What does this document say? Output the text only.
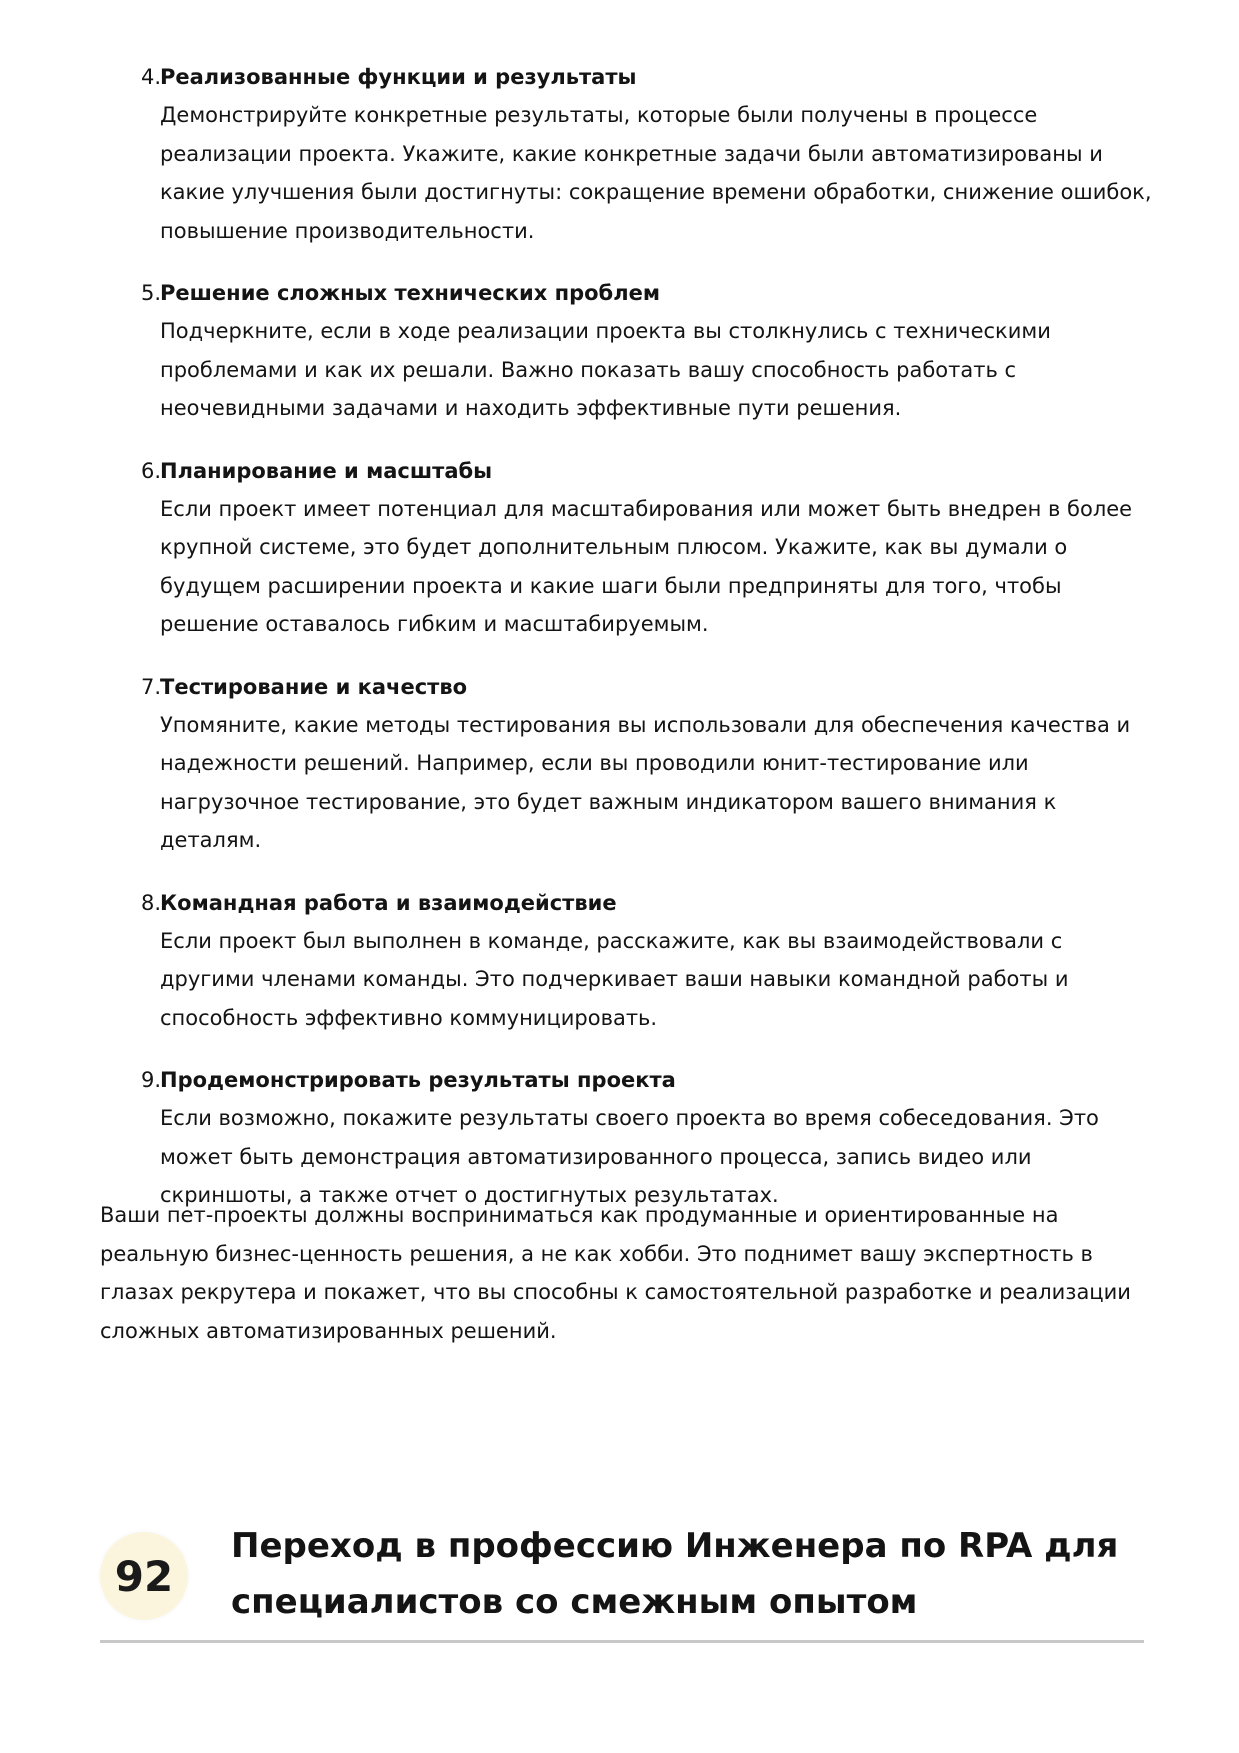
4. Реализованные функции и результаты
Демонстрируйте конкретные результаты, которые были получены в процессе реализации проекта. Укажите, какие конкретные задачи были автоматизированы и какие улучшения были достигнуты: сокращение времени обработки, снижение ошибок, повышение производительности.
5. Решение сложных технических проблем
Подчеркните, если в ходе реализации проекта вы столкнулись с техническими проблемами и как их решали. Важно показать вашу способность работать с неочевидными задачами и находить эффективные пути решения.
6. Планирование и масштабы
Если проект имеет потенциал для масштабирования или может быть внедрен в более крупной системе, это будет дополнительным плюсом. Укажите, как вы думали о будущем расширении проекта и какие шаги были предприняты для того, чтобы решение оставалось гибким и масштабируемым.
7. Тестирование и качество
Упомяните, какие методы тестирования вы использовали для обеспечения качества и надежности решений. Например, если вы проводили юнит-тестирование или нагрузочное тестирование, это будет важным индикатором вашего внимания к деталям.
8. Командная работа и взаимодействие
Если проект был выполнен в команде, расскажите, как вы взаимодействовали с другими членами команды. Это подчеркивает ваши навыки командной работы и способность эффективно коммуницировать.
9. Продемонстрировать результаты проекта
Если возможно, покажите результаты своего проекта во время собеседования. Это может быть демонстрация автоматизированного процесса, запись видео или скриншоты, а также отчет о достигнутых результатах.

Ваши пет-проекты должны восприниматься как продуманные и ориентированные на реальную бизнес-ценность решения, а не как хобби. Это поднимет вашу экспертность в глазах рекрутера и покажет, что вы способны к самостоятельной разработке и реализации сложных автоматизированных решений.

92
Переход в профессию Инженера по RPA для специалистов со смежным опытом
